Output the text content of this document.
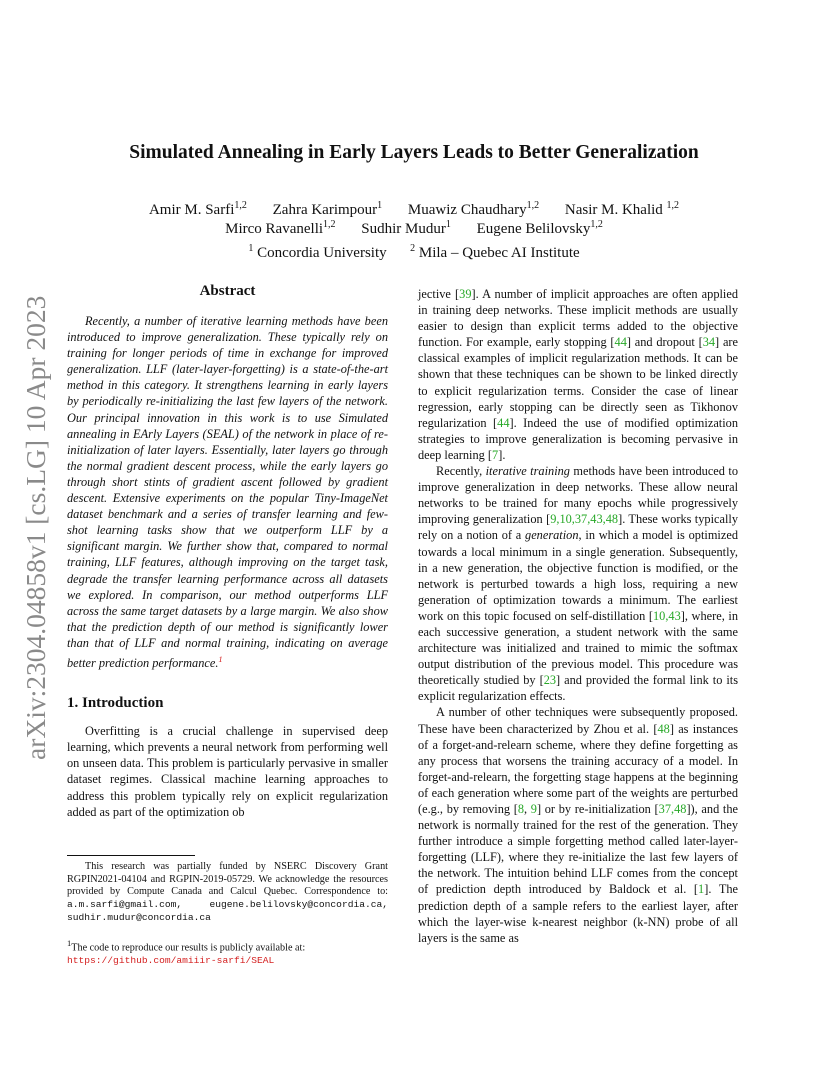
arXiv:2304.04858v1 [cs.LG] 10 Apr 2023
Simulated Annealing in Early Layers Leads to Better Generalization
Amir M. Sarfi$^{1,2}$ Zahra Karimpour$^1$ Muawiz Chaudhary$^{1,2}$ Nasir M. Khalid $^{1,2}$
Mirco Ravanelli$^{1,2}$ Sudhir Mudur$^1$ Eugene Belilovsky$^{1,2}$
$^1$ Concordia University $^2$ Mila – Quebec AI Institute
Abstract
Recently, a number of iterative learning methods have been introduced to improve generalization. These typically rely on training for longer periods of time in exchange for improved generalization. LLF (later-layer-forgetting) is a state-of-the-art method in this category. It strengthens learning in early layers by periodically re-initializing the last few layers of the network. Our principal innovation in this work is to use Simulated annealing in EArly Layers (SEAL) of the network in place of re-initialization of later layers. Essentially, later layers go through the normal gradient descent process, while the early layers go through short stints of gradient ascent followed by gradient descent. Extensive experiments on the popular Tiny-ImageNet dataset benchmark and a series of transfer learning and few-shot learning tasks show that we outperform LLF by a significant margin. We further show that, compared to normal training, LLF features, although improving on the target task, degrade the transfer learning performance across all datasets we explored. In comparison, our method outperforms LLF across the same target datasets by a large margin. We also show that the prediction depth of our method is significantly lower than that of LLF and normal training, indicating on average better prediction performance.$^1$
1. Introduction
Overfitting is a crucial challenge in supervised deep learning, which prevents a neural network from performing well on unseen data. This problem is particularly pervasive in smaller dataset regimes. Classical machine learning approaches to address this problem typically rely on explicit regularization added as part of the optimization ob
jective [39]. A number of implicit approaches are often applied in training deep networks. These implicit methods are usually easier to design than explicit terms added to the objective function. For example, early stopping [44] and dropout [34] are classical examples of implicit regularization methods. It can be shown that these techniques can be shown to be linked directly to explicit regularization terms. Consider the case of linear regression, early stopping can be directly seen as Tikhonov regularization [44]. Indeed the use of modified optimization strategies to improve generalization is becoming pervasive in deep learning [7].
Recently, iterative training methods have been introduced to improve generalization in deep networks. These allow neural networks to be trained for many epochs while progressively improving generalization [9,10,37,43,48]. These works typically rely on a notion of a generation, in which a model is optimized towards a local minimum in a single generation. Subsequently, in a new generation, the objective function is modified, or the network is perturbed towards a high loss, requiring a new generation of optimization towards a minimum. The earliest work on this topic focused on self-distillation [10,43], where, in each successive generation, a student network with the same architecture was initialized and trained to mimic the softmax output distribution of the previous model. This procedure was theoretically studied by [23] and provided the formal link to its explicit regularization effects.
A number of other techniques were subsequently proposed. These have been characterized by Zhou et al. [48] as instances of a forget-and-relearn scheme, where they define forgetting as any process that worsens the training accuracy of a model. In forget-and-relearn, the forgetting stage happens at the beginning of each generation where some part of the weights are perturbed (e.g., by removing [8, 9] or by re-initialization [37,48]), and the network is normally trained for the rest of the generation. They further introduce a simple forgetting method called later-layer-forgetting (LLF), where they re-initialize the last few layers of the network. The intuition behind LLF comes from the concept of prediction depth introduced by Baldock et al. [1]. The prediction depth of a sample refers to the earliest layer, after which the layer-wise k-nearest neighbor (k-NN) probe of all layers is the same as
This research was partially funded by NSERC Discovery Grant RGPIN2021-04104 and RGPIN-2019-05729. We acknowledge the resources provided by Compute Canada and Calcul Quebec. Correspondence to: a.m.sarfi@gmail.com, eugene.belilovsky@concordia.ca, sudhir.mudur@concordia.ca
$^1$The code to reproduce our results is publicly available at:
https://github.com/amiiir-sarfi/SEAL
